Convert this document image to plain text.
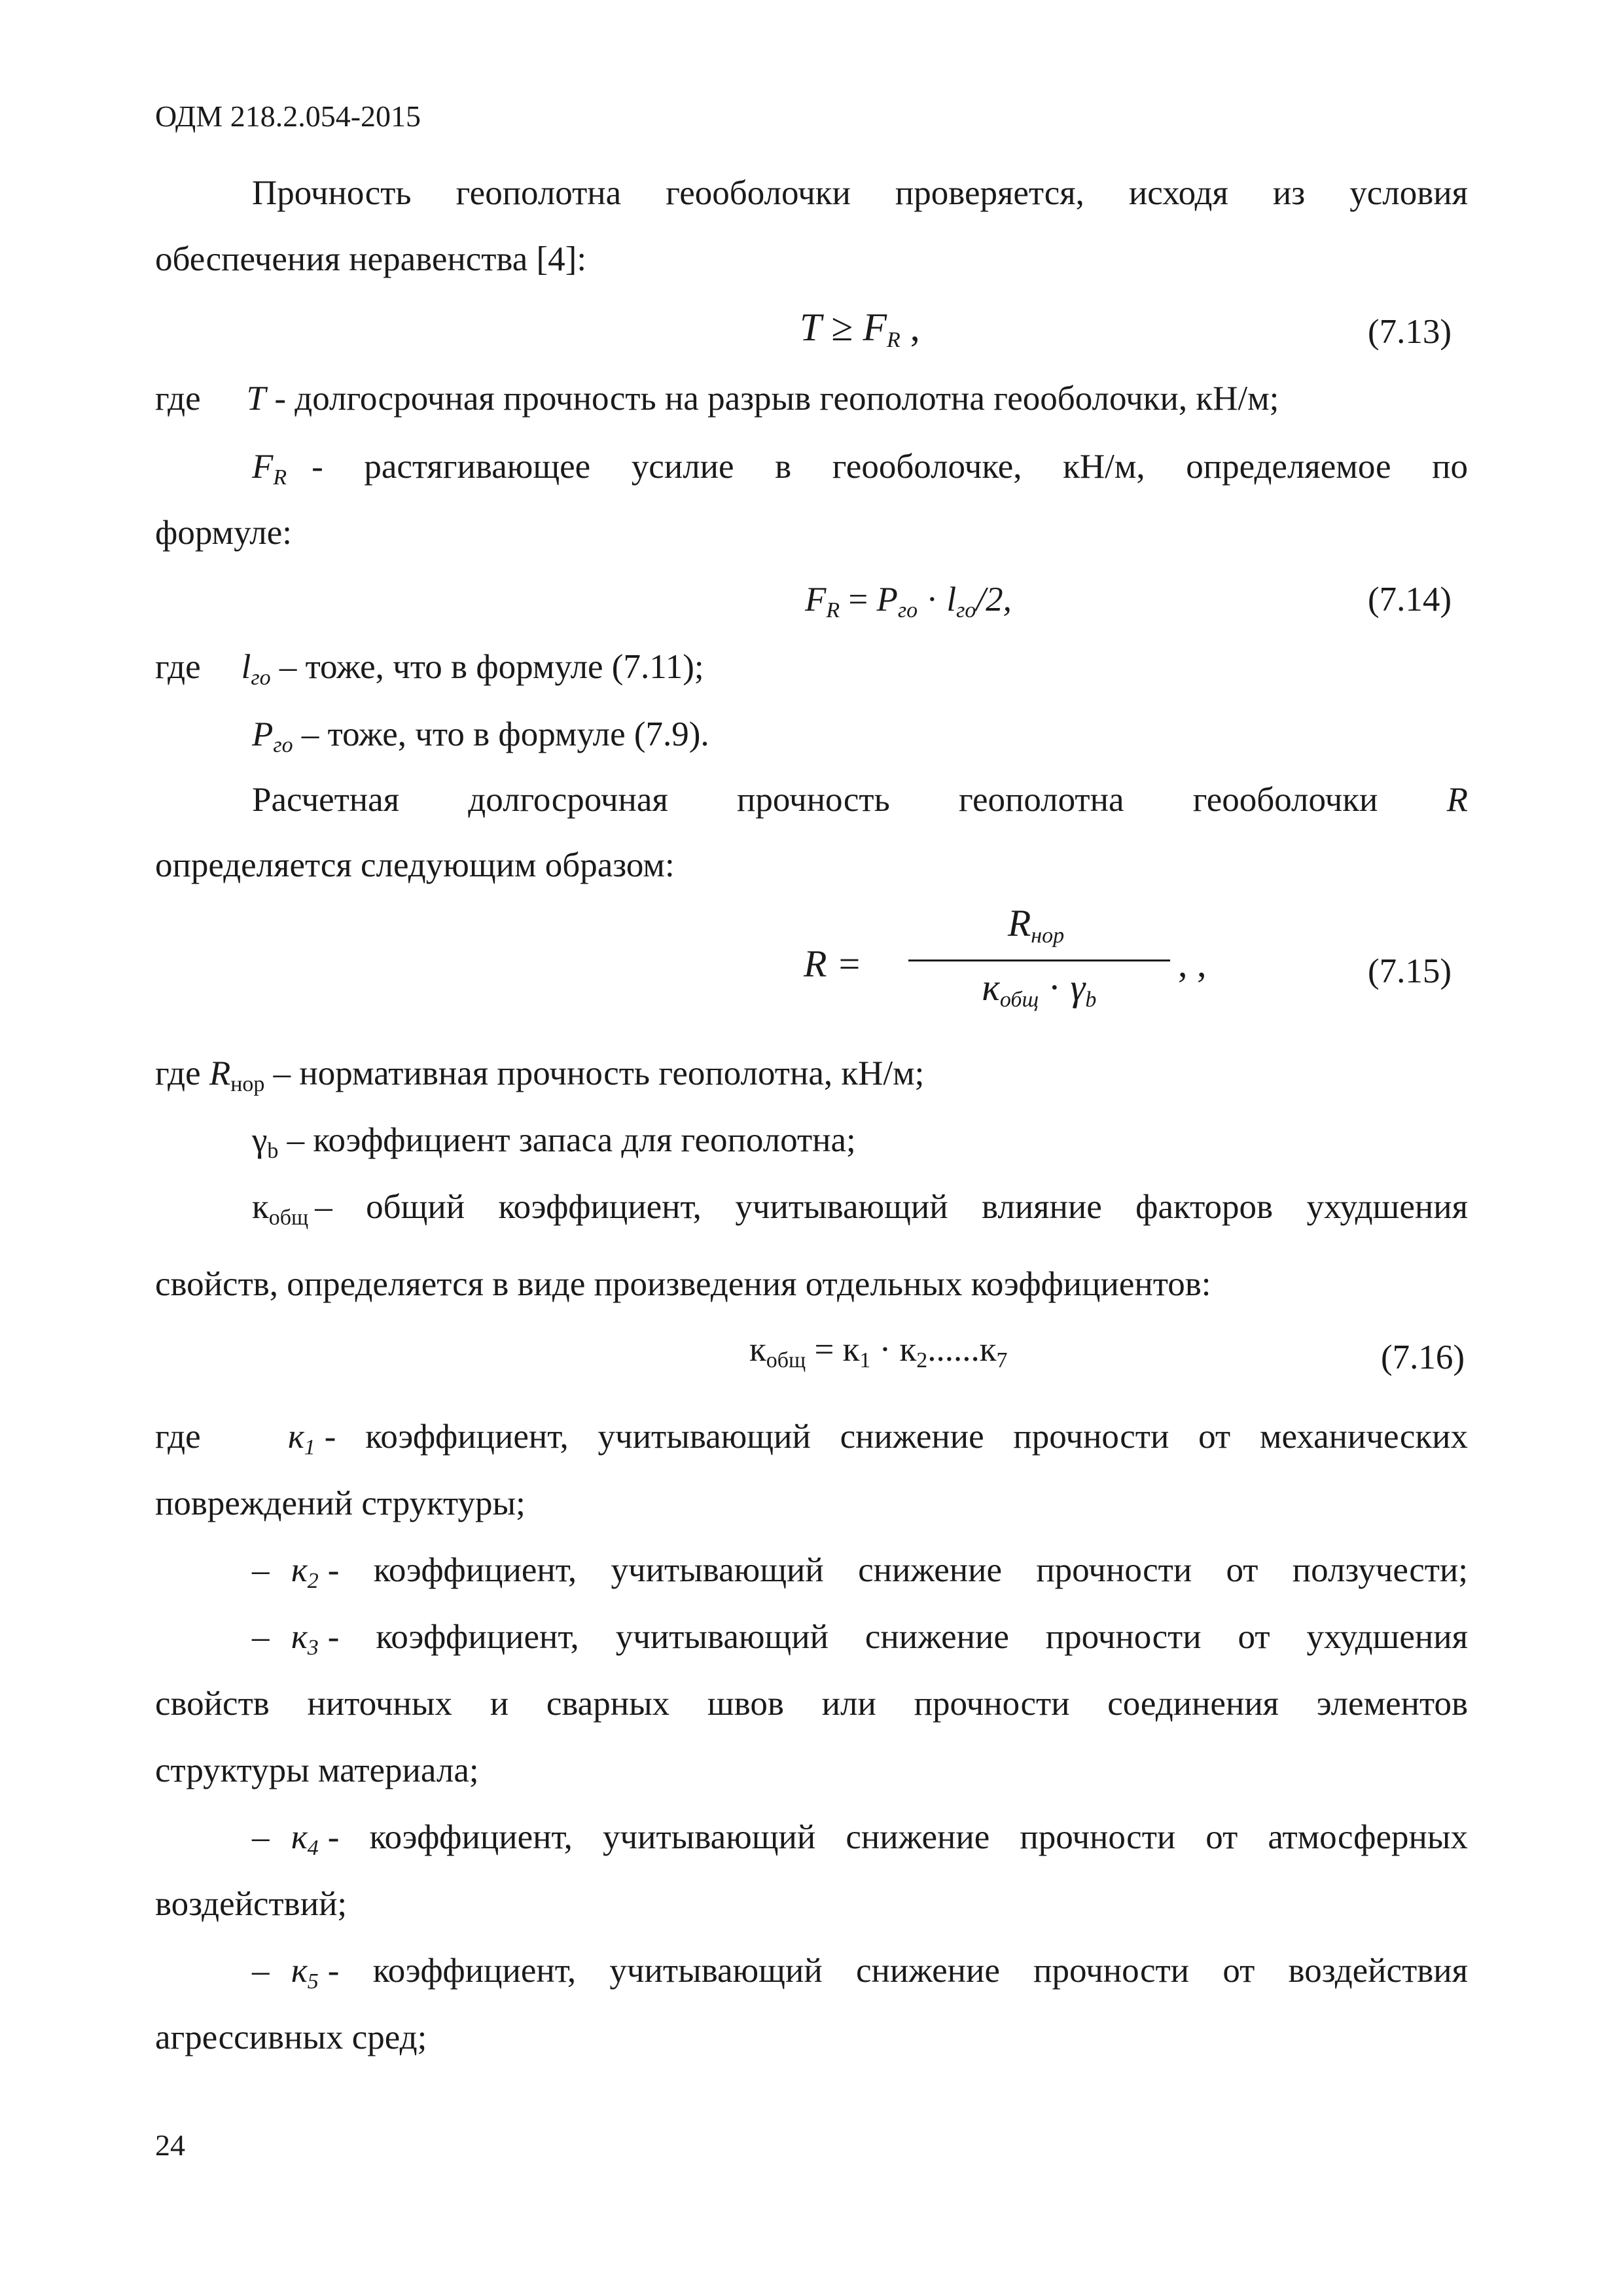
ОДМ 218.2.054-2015
Прочность геополотна геооболочки проверяется, исходя из условия
обеспечения неравенства [4]:
$T \ge F_R$ ,	(7.13)
где T - долгосрочная прочность на разрыв геополотна геооболочки, кН/м;
$F_R$ - растягивающее усилие в геооболочке, кН/м, определяемое по
формуле:
$F_R = P_{го} \cdot l_{го}/2$,	(7.14)
где $l_{го}$ – тоже, что в формуле (7.11);
$P_{го}$ – тоже, что в формуле (7.9).
Расчетная долгосрочная прочность геополотна геооболочки R
определяется следующим образом:
R =
$R_{нор}$
$к_{общ} \cdot \gamma_b$
, ,	(7.15)
где $R_{нор}$ – нормативная прочность геополотна, кН/м;
$\gamma_b$ – коэффициент запаса для геополотна;
$к_{общ}$ – общий коэффициент, учитывающий влияние факторов ухудшения
свойств, определяется в виде произведения отдельных коэффициентов:
$к_{общ} = к_1 \cdot к_2......к_7$	(7.16)
где	$к_1$ - коэффициент, учитывающий снижение прочности от механических
повреждений структуры;
– $к_2$ - коэффициент, учитывающий снижение прочности от ползучести;
– $к_3$ - коэффициент, учитывающий снижение прочности от ухудшения
свойств ниточных и сварных швов или прочности соединения элементов
структуры материала;
– $к_4$ - коэффициент, учитывающий снижение прочности от атмосферных
воздействий;
– $к_5$ - коэффициент, учитывающий снижение прочности от воздействия
агрессивных сред;
24
